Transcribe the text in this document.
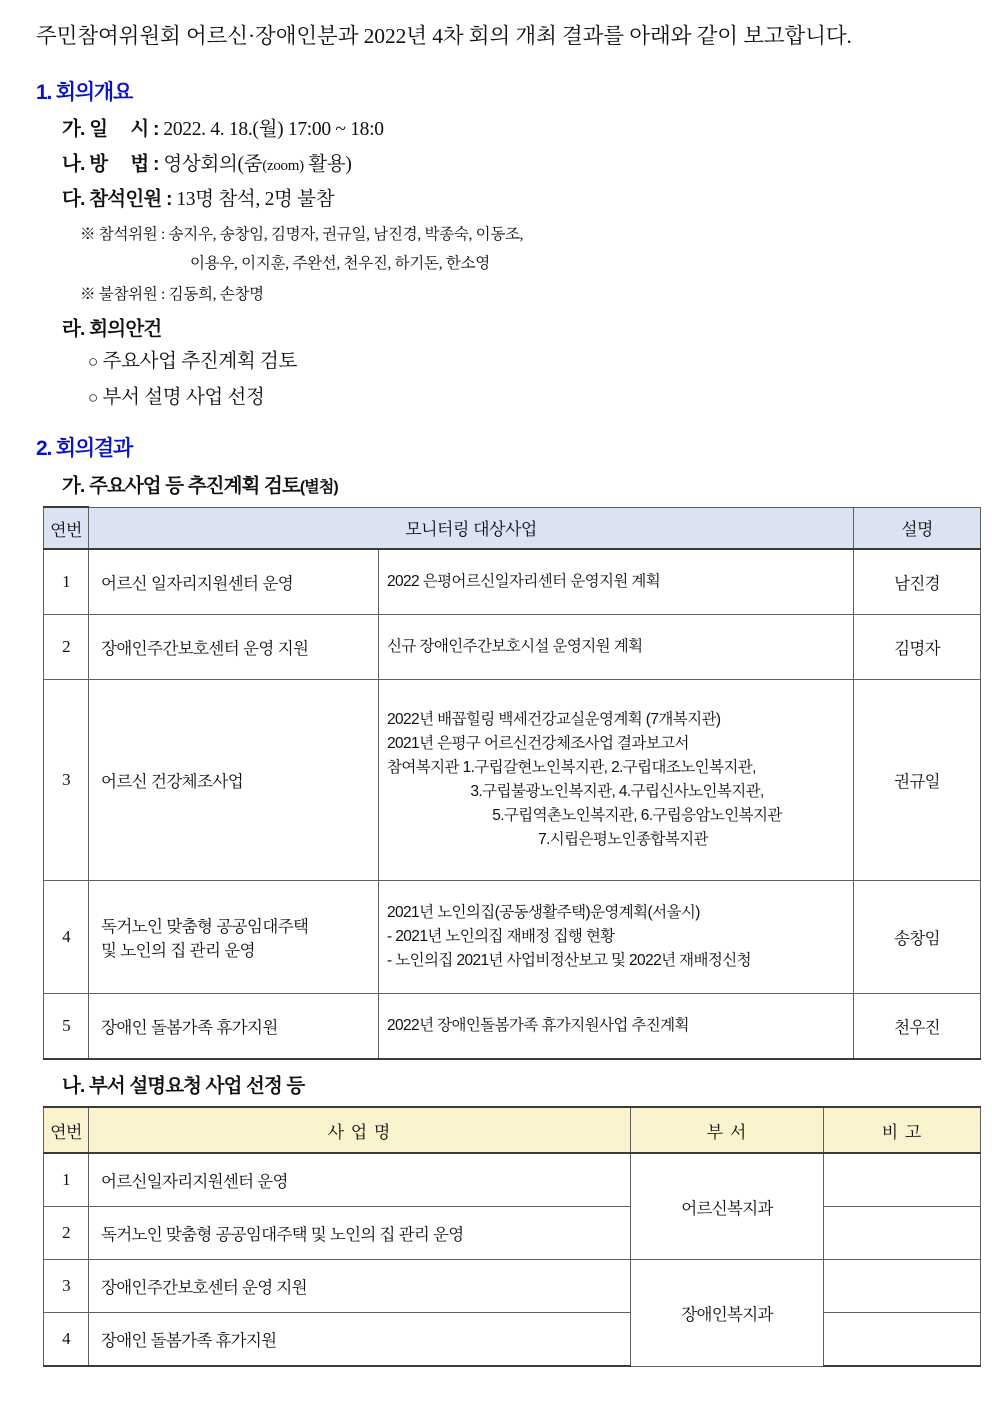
주민참여위원회 어르신·장애인분과 2022년 4차 회의 개최 결과를 아래와 같이 보고합니다.
1. 회의개요
가. 일     시 : 2022. 4. 18.(월) 17:00 ~ 18:0
나. 방     법 : 영상회의(줌(zoom) 활용)
다. 참석인원 : 13명 참석, 2명 불참
※ 참석위원 : 송지우, 송창임, 김명자, 권규일, 남진경, 박종숙, 이동조,
이용우, 이지훈, 주완선, 천우진, 하기돈, 한소영
※ 불참위원 : 김동희, 손창명
라. 회의안건
○ 주요사업 추진계획 검토
○ 부서 설명 사업 선정
2. 회의결과
가. 주요사업 등 추진계획 검토(별첨)
연번	모니터링 대상사업		설명
1	어르신 일자리지원센터 운영	2022 은평어르신일자리센터 운영지원 계획	남진경
2	장애인주간보호센터 운영 지원	신규 장애인주간보호시설 운영지원 계획	김명자
3	어르신 건강체조사업	2022년 배꼽힐링 백세건강교실운영계획 (7개복지관)
2021년 은평구 어르신건강체조사업 결과보고서
참여복지관 1.구립갈현노인복지관, 2.구립대조노인복지관,
3.구립불광노인복지관, 4.구립신사노인복지관,
5.구립역촌노인복지관, 6.구립응암노인복지관
7.시립은평노인종합복지관
	권규일
4	독거노인 맞춤형 공공임대주택
및 노인의 집 관리 운영	2021년 노인의집(공동생활주택)운영계획(서울시)
- 2021년 노인의집 재배정 집행 현황
- 노인의집 2021년 사업비정산보고 및 2022년 재배정신청	송창임
5	장애인 돌봄가족 휴가지원	2022년 장애인돌봄가족 휴가지원사업 추진계획	천우진
나. 부서 설명요청 사업 선정 등
연번	사 업 명	부 서	비 고
1	어르신일자리지원센터 운영	어르신복지과	
2	독거노인 맞춤형 공공임대주택 및 노인의 집 관리 운영		
3	장애인주간보호센터 운영 지원	장애인복지과	
4	장애인 돌봄가족 휴가지원		
